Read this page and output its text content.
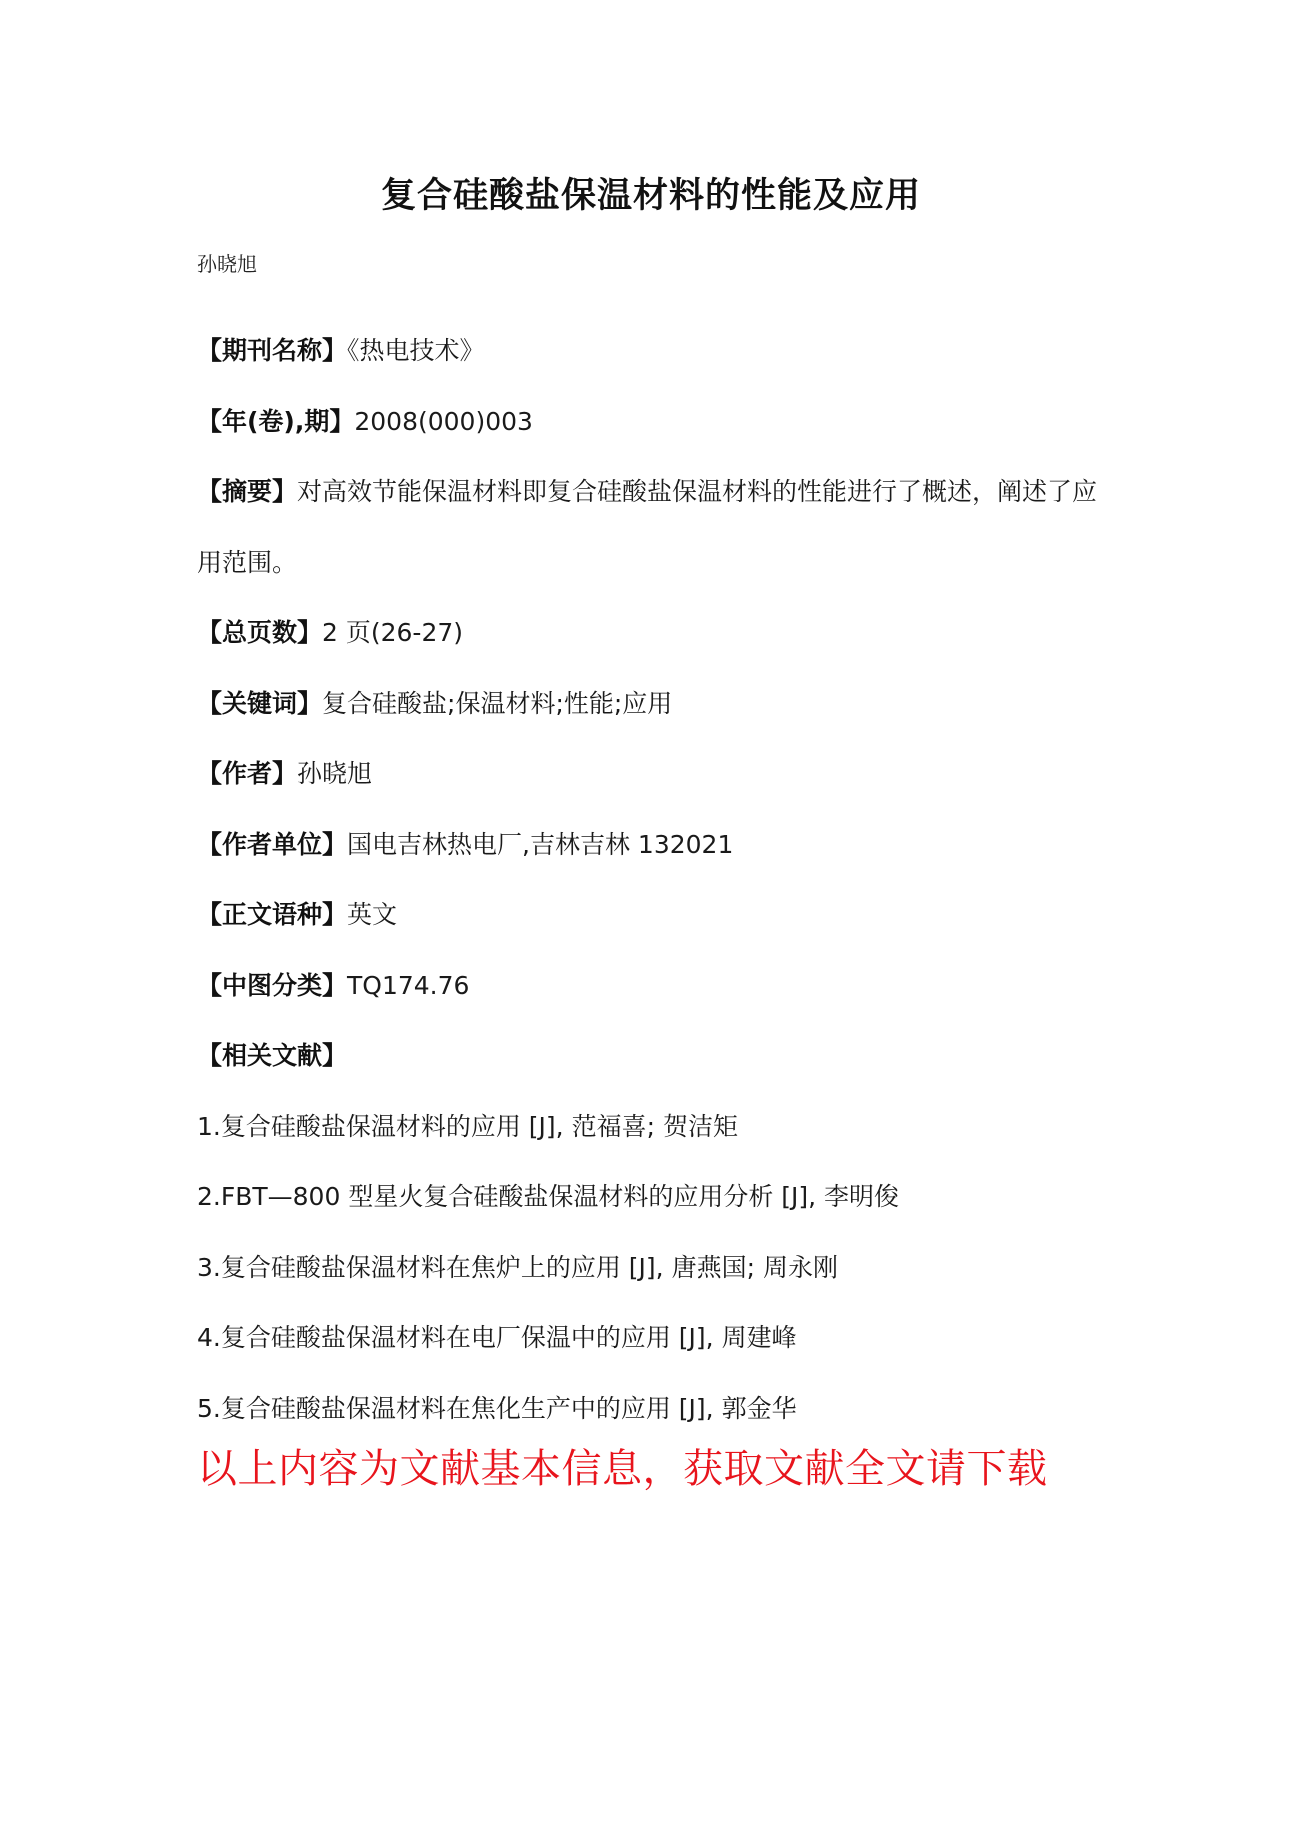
复合硅酸盐保温材料的性能及应用
孙晓旭
【期刊名称】《热电技术》
【年(卷),期】2008(000)003
【摘要】对高效节能保温材料即复合硅酸盐保温材料的性能进行了概述，阐述了应用范围。
【总页数】2 页(26-27)
【关键词】复合硅酸盐;保温材料;性能;应用
【作者】孙晓旭
【作者单位】国电吉林热电厂,吉林吉林 132021
【正文语种】英文
【中图分类】TQ174.76
【相关文献】
1.复合硅酸盐保温材料的应用 [J], 范福喜; 贺洁矩
2.FBT—800 型星火复合硅酸盐保温材料的应用分析 [J], 李明俊
3.复合硅酸盐保温材料在焦炉上的应用 [J], 唐燕国; 周永刚
4.复合硅酸盐保温材料在电厂保温中的应用 [J], 周建峰
5.复合硅酸盐保温材料在焦化生产中的应用 [J], 郭金华
以上内容为文献基本信息，获取文献全文请下载
